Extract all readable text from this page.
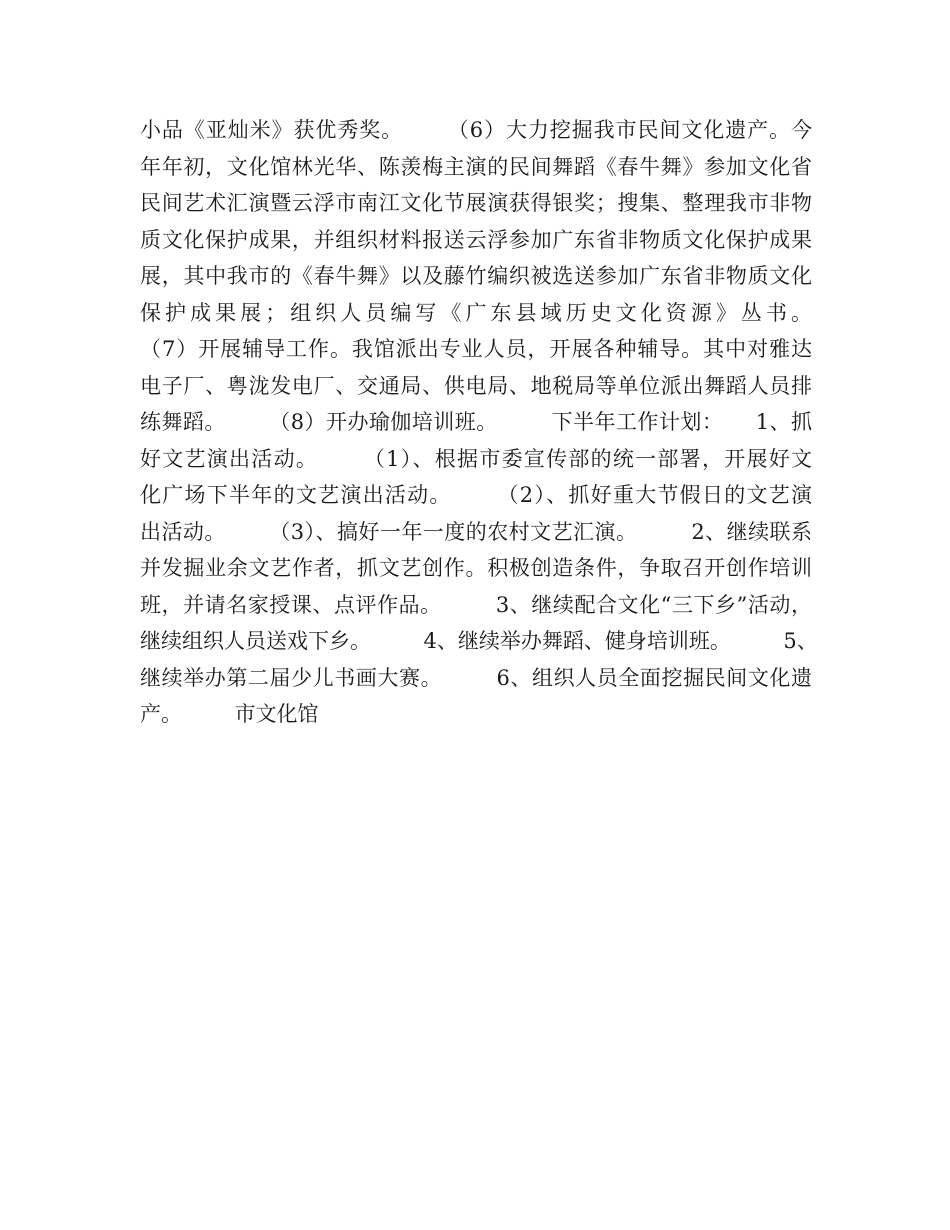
小品《亚灿米》获优秀奖。　　　（6）大力挖掘我市民间文化遗产。今
年年初，文化馆林光华、陈羡梅主演的民间舞蹈《春牛舞》参加文化省
民间艺术汇演暨云浮市南江文化节展演获得银奖；搜集、整理我市非物
质文化保护成果，并组织材料报送云浮参加广东省非物质文化保护成果
展，其中我市的《春牛舞》以及藤竹编织被选送参加广东省非物质文化
保护成果展；组织人员编写《广东县域历史文化资源》丛书。
（7）开展辅导工作。我馆派出专业人员，开展各种辅导。其中对雅达
电子厂、粤泷发电厂、交通局、供电局、地税局等单位派出舞蹈人员排
练舞蹈。　　　（8）开办瑜伽培训班。　　　下半年工作计划：　　1、抓
好文艺演出活动。　　　（1）、根据市委宣传部的统一部署，开展好文
化广场下半年的文艺演出活动。　　　（2）、抓好重大节假日的文艺演
出活动。　　　（3）、搞好一年一度的农村文艺汇演。　　　2、继续联系
并发掘业余文艺作者，抓文艺创作。积极创造条件，争取召开创作培训
班，并请名家授课、点评作品。　　　3、继续配合文化“三下乡”活动，
继续组织人员送戏下乡。　　　4、继续举办舞蹈、健身培训班。　　　5、
继续举办第二届少儿书画大赛。　　　6、组织人员全面挖掘民间文化遗
产。　　　市文化馆
